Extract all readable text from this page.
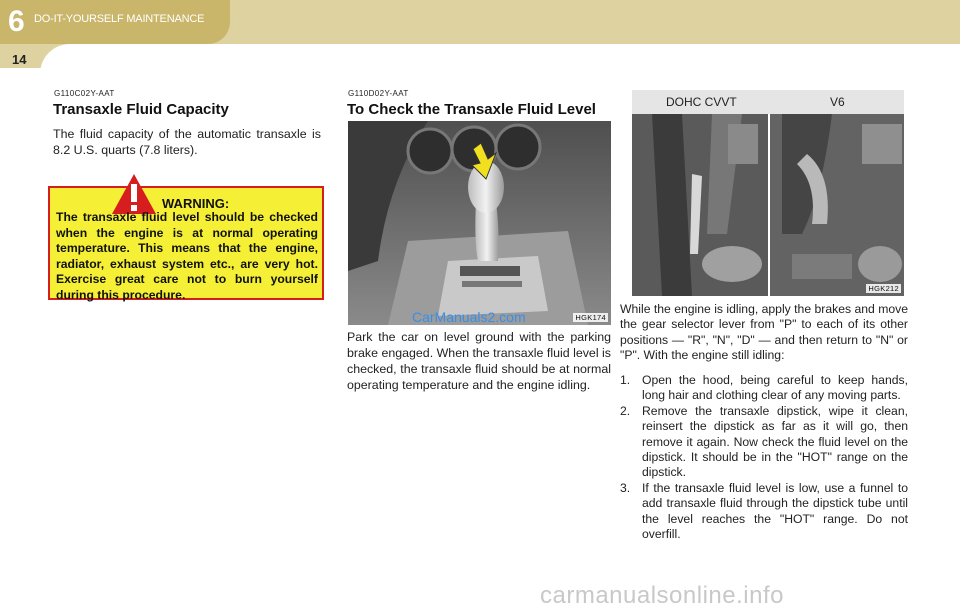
6 DO-IT-YOURSELF MAINTENANCE
14
G110C02Y-AAT
Transaxle Fluid Capacity
The fluid capacity of the automatic transaxle is 8.2 U.S. quarts (7.8 liters).
WARNING:
The transaxle fluid level should be checked when the engine is at normal operating temperature. This means that the engine, radiator, exhaust system etc., are very hot. Exercise great care not to burn yourself during this procedure.
G110D02Y-AAT
To Check the Transaxle Fluid Level
HGK174
CarManuals2.com
Park the car on level ground with the parking brake engaged. When the transaxle fluid level is checked, the transaxle fluid should be at normal operating temperature and the engine idling.
DOHC CVVT	V6
HGK212
While the engine is idling, apply the brakes and move the gear selector lever from "P" to each of its other positions — "R", "N", "D" — and then return to "N" or "P". With the engine still idling:
1. Open the hood, being careful to keep hands, long hair and clothing clear of any moving parts.
2. Remove the transaxle dipstick, wipe it clean, reinsert the dipstick as far as it will go, then remove it again. Now check the fluid level on the dipstick. It should be in the "HOT" range on the dipstick.
3. If the transaxle fluid level is low, use a funnel to add transaxle fluid through the dipstick tube until the level reaches the "HOT" range. Do not overfill.
carmanualsonline.info
